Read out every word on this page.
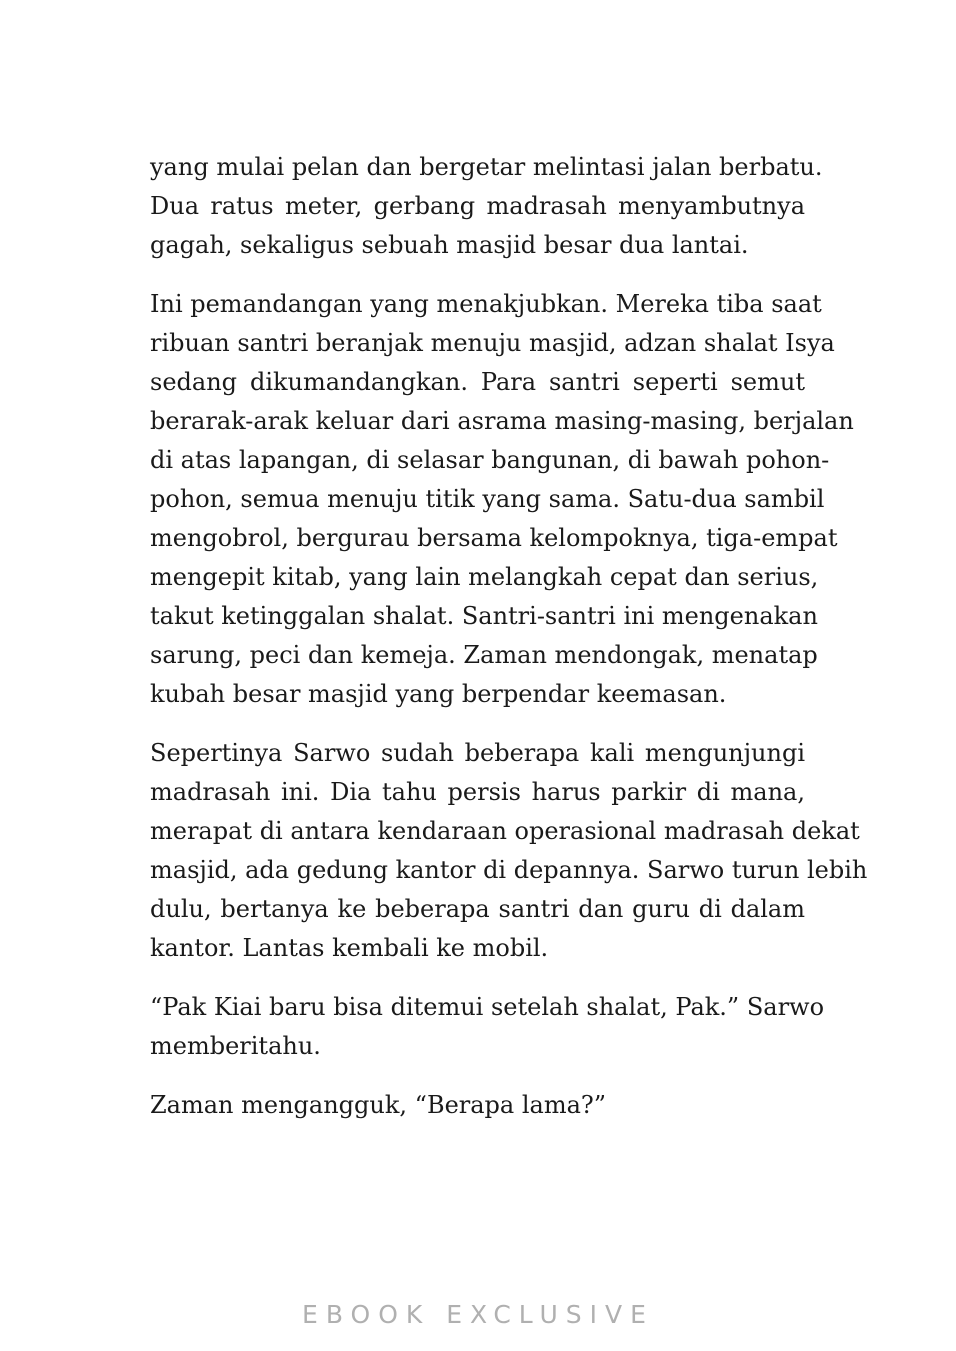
yang mulai pelan dan bergetar melintasi jalan berbatu.
Dua ratus meter, gerbang madrasah menyambutnya
gagah, sekaligus sebuah masjid besar dua lantai.
Ini pemandangan yang menakjubkan. Mereka tiba saat
ribuan santri beranjak menuju masjid, adzan shalat Isya
sedang dikumandangkan. Para santri seperti semut
berarak-arak keluar dari asrama masing-masing, berjalan
di atas lapangan, di selasar bangunan, di bawah pohon-
pohon, semua menuju titik yang sama. Satu-dua sambil
mengobrol, bergurau bersama kelompoknya, tiga-empat
mengepit kitab, yang lain melangkah cepat dan serius,
takut ketinggalan shalat. Santri-santri ini mengenakan
sarung, peci dan kemeja. Zaman mendongak, menatap
kubah besar masjid yang berpendar keemasan.
Sepertinya Sarwo sudah beberapa kali mengunjungi
madrasah ini. Dia tahu persis harus parkir di mana,
merapat di antara kendaraan operasional madrasah dekat
masjid, ada gedung kantor di depannya. Sarwo turun lebih
dulu, bertanya ke beberapa santri dan guru di dalam
kantor. Lantas kembali ke mobil.
“Pak Kiai baru bisa ditemui setelah shalat, Pak.” Sarwo
memberitahu.
Zaman mengangguk, “Berapa lama?”
EBOOK EXCLUSIVE
